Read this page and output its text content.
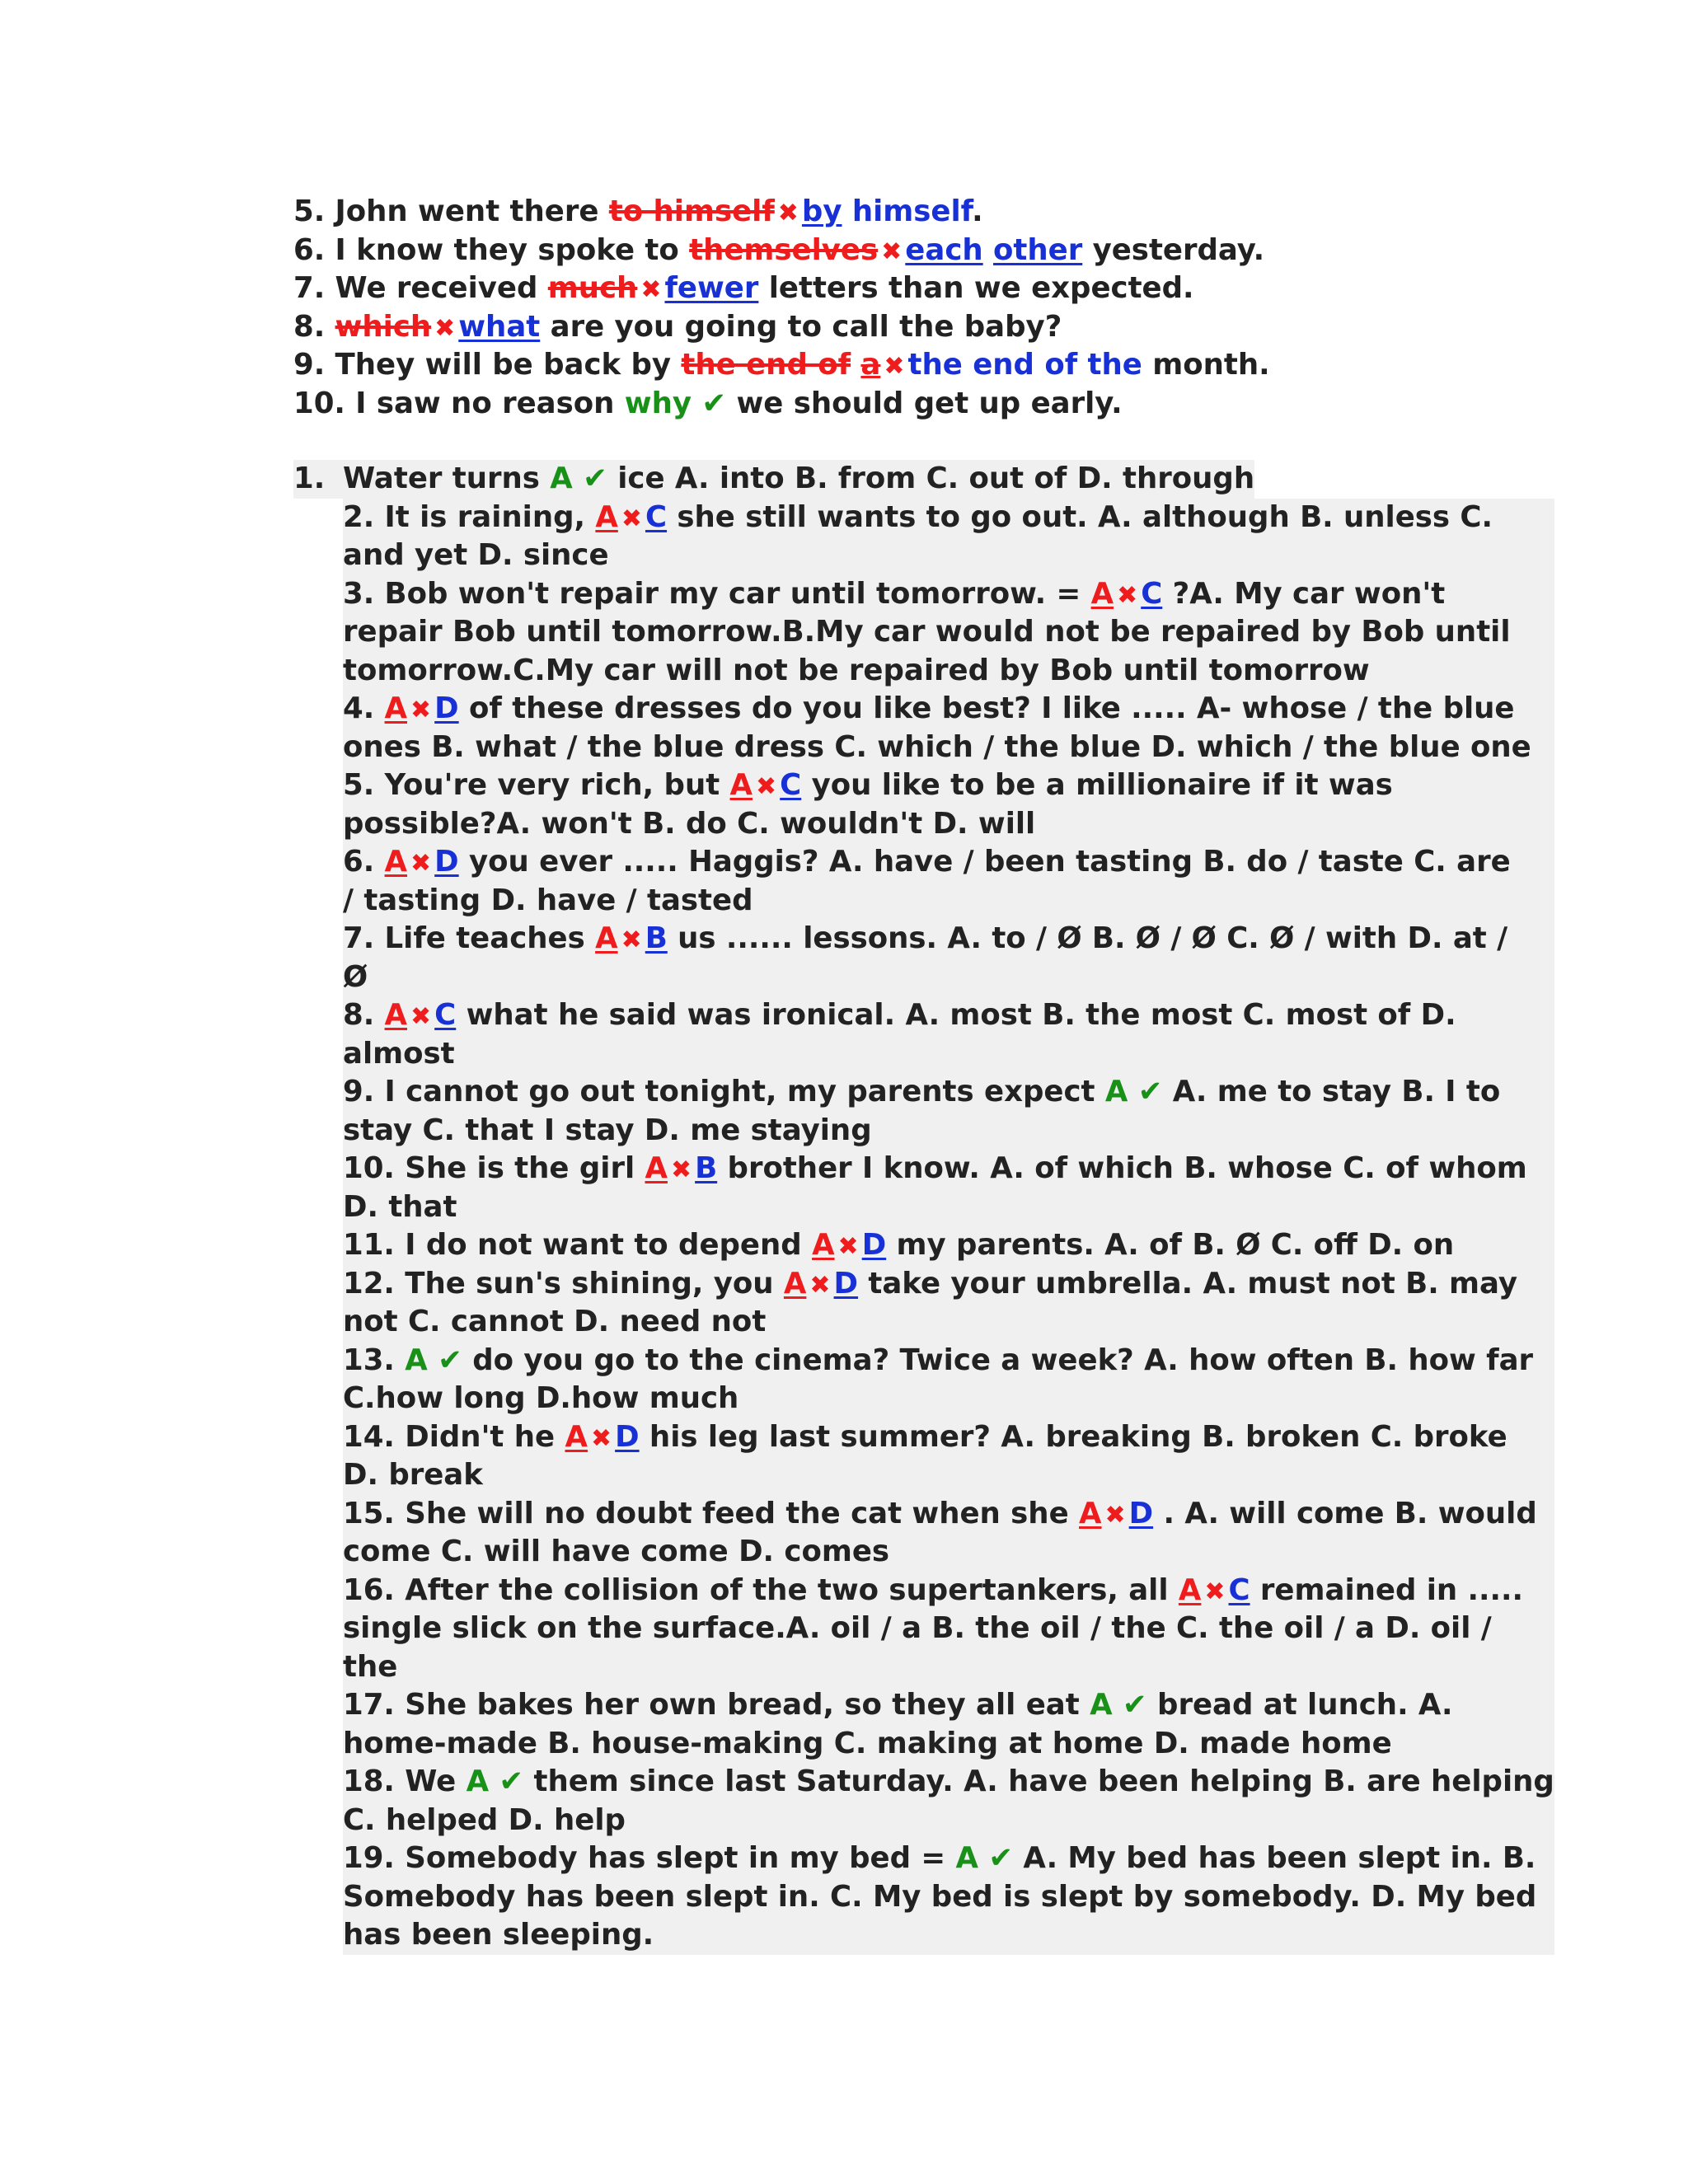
5. John went there to himself ✖ by himself.
6. I know they spoke to themselves ✖ each other yesterday.
7. We received much ✖ fewer letters than we expected.
8. which ✖ what are you going to call the baby?
9. They will be back by the end of a ✖ the end of the month.
10. I saw no reason why ✔ we should get up early.
1. Water turns A ✔ ice A. into B. from C. out of D. through
2. It is raining, A ✖ C she still wants to go out. A. although B. unless C.
and yet D. since
3. Bob won't repair my car until tomorrow. = A ✖ C ?A. My car won't
repair Bob until tomorrow.B.My car would not be repaired by Bob until
tomorrow.C.My car will not be repaired by Bob until tomorrow
4. A ✖ D of these dresses do you like best? I like ..... A- whose / the blue
ones B. what / the blue dress C. which / the blue D. which / the blue one
5. You're very rich, but A ✖ C you like to be a millionaire if it was
possible?A. won't B. do C. wouldn't D. will
6. A ✖ D you ever ..... Haggis? A. have / been tasting B. do / taste C. are
/ tasting D. have / tasted
7. Life teaches A ✖ B us ...... lessons. A. to / Ø B. Ø / Ø C. Ø / with D. at /
Ø
8. A ✖ C what he said was ironical. A. most B. the most C. most of D.
almost
9. I cannot go out tonight, my parents expect A ✔ A. me to stay B. I to
stay C. that I stay D. me staying
10. She is the girl A ✖ B brother I know. A. of which B. whose C. of whom
D. that
11. I do not want to depend A ✖ D my parents. A. of B. Ø C. off D. on
12. The sun's shining, you A ✖ D take your umbrella. A. must not B. may
not C. cannot D. need not
13. A ✔ do you go to the cinema? Twice a week? A. how often B. how far
C.how long D.how much
14. Didn't he A ✖ D his leg last summer? A. breaking B. broken C. broke
D. break
15. She will no doubt feed the cat when she A ✖ D . A. will come B. would
come C. will have come D. comes
16. After the collision of the two supertankers, all A ✖ C remained in .....
single slick on the surface.A. oil / a B. the oil / the C. the oil / a D. oil /
the
17. She bakes her own bread, so they all eat A ✔ bread at lunch. A.
home-made B. house-making C. making at home D. made home
18. We A ✔ them since last Saturday. A. have been helping B. are helping
C. helped D. help
19. Somebody has slept in my bed = A ✔ A. My bed has been slept in. B.
Somebody has been slept in. C. My bed is slept by somebody. D. My bed
has been sleeping.
